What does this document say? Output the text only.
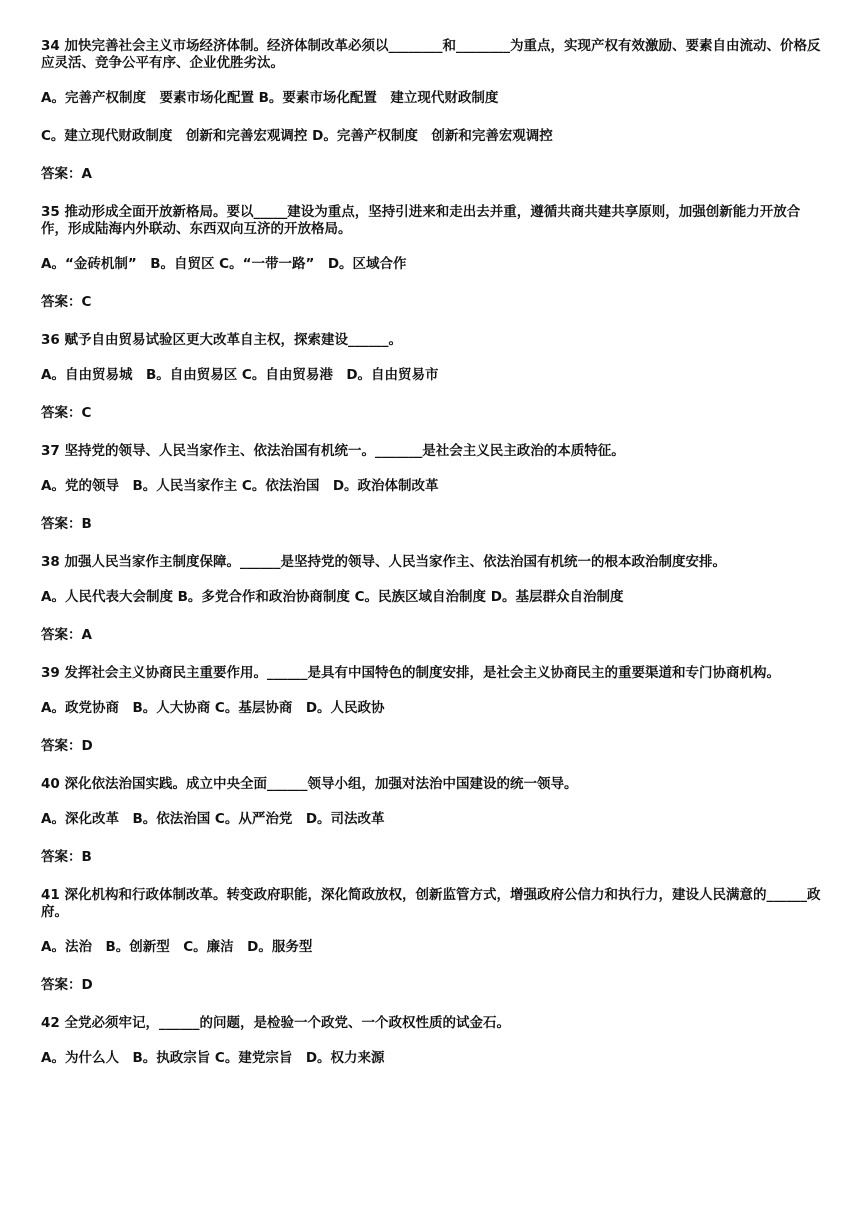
34 加快完善社会主义市场经济体制。经济体制改革必须以________和________为重点，实现产权有效激励、要素自由流动、价格反应灵活、竞争公平有序、企业优胜劣汰。

A。完善产权制度　要素市场化配置 B。要素市场化配置　建立现代财政制度

C。建立现代财政制度　创新和完善宏观调控 D。完善产权制度　创新和完善宏观调控

答案：A

35 推动形成全面开放新格局。要以_____建设为重点，坚持引进来和走出去并重，遵循共商共建共享原则，加强创新能力开放合作，形成陆海内外联动、东西双向互济的开放格局。

A。“金砖机制”　B。自贸区 C。“一带一路”　D。区域合作

答案：C

36 赋予自由贸易试验区更大改革自主权，探索建设______。

A。自由贸易城　B。自由贸易区 C。自由贸易港　D。自由贸易市

答案：C

37 坚持党的领导、人民当家作主、依法治国有机统一。_______是社会主义民主政治的本质特征。

A。党的领导　B。人民当家作主 C。依法治国　D。政治体制改革

答案：B

38 加强人民当家作主制度保障。______是坚持党的领导、人民当家作主、依法治国有机统一的根本政治制度安排。

A。人民代表大会制度 B。多党合作和政治协商制度 C。民族区域自治制度 D。基层群众自治制度

答案：A

39 发挥社会主义协商民主重要作用。______是具有中国特色的制度安排，是社会主义协商民主的重要渠道和专门协商机构。

A。政党协商　B。人大协商 C。基层协商　D。人民政协

答案：D

40 深化依法治国实践。成立中央全面______领导小组，加强对法治中国建设的统一领导。

A。深化改革　B。依法治国 C。从严治党　D。司法改革

答案：B

41 深化机构和行政体制改革。转变政府职能，深化简政放权，创新监管方式，增强政府公信力和执行力，建设人民满意的______政府。

A。法治　B。创新型　C。廉洁　D。服务型

答案：D

42 全党必须牢记，______的问题，是检验一个政党、一个政权性质的试金石。

A。为什么人　B。执政宗旨 C。建党宗旨　D。权力来源
